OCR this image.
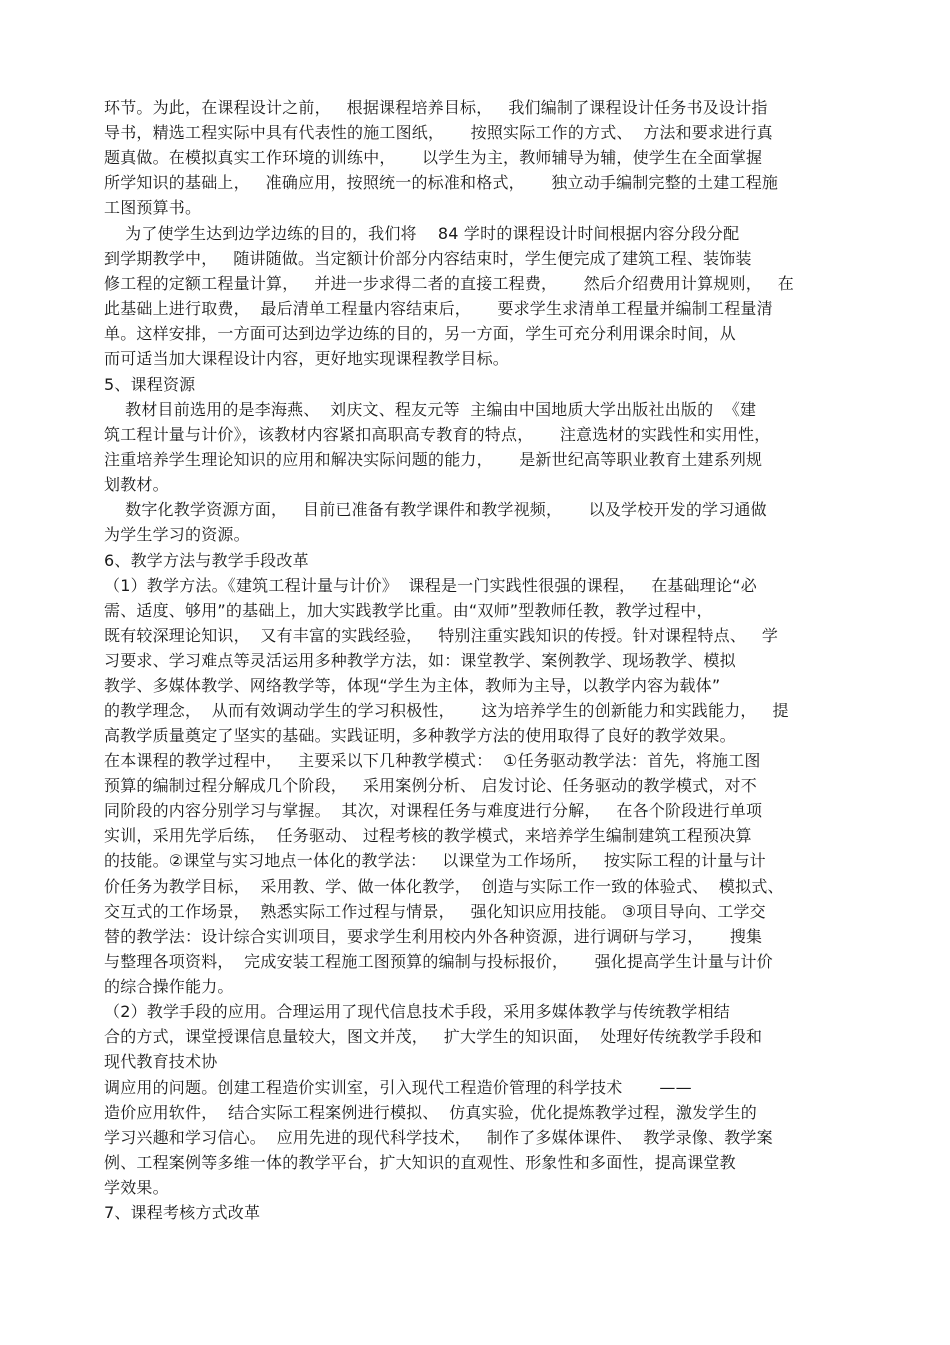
环节。为此，在课程设计之前，   根据课程培养目标，   我们编制了课程设计任务书及设计指
导书，精选工程实际中具有代表性的施工图纸，     按照实际工作的方式、  方法和要求进行真
题真做。在模拟真实工作环境的训练中，     以学生为主，教师辅导为辅，使学生在全面掌握
所学知识的基础上，   准确应用，按照统一的标准和格式，     独立动手编制完整的土建工程施
工图预算书。
为了使学生达到边学边练的目的，我们将    84 学时的课程设计时间根据内容分段分配
到学期教学中，   随讲随做。当定额计价部分内容结束时，学生便完成了建筑工程、装饰装
修工程的定额工程量计算，   并进一步求得二者的直接工程费，     然后介绍费用计算规则，   在
此基础上进行取费，  最后清单工程量内容结束后，     要求学生求清单工程量并编制工程量清
单。这样安排，一方面可达到边学边练的目的，另一方面，学生可充分利用课余时间，从
而可适当加大课程设计内容，更好地实现课程教学目标。
5、课程资源
教材目前选用的是李海燕、  刘庆文、程友元等  主编由中国地质大学出版社出版的  《建
筑工程计量与计价》，该教材内容紧扣高职高专教育的特点，     注意选材的实践性和实用性，
注重培养学生理论知识的应用和解决实际问题的能力，     是新世纪高等职业教育土建系列规
划教材。
数字化教学资源方面，   目前已准备有教学课件和教学视频，     以及学校开发的学习通做
为学生学习的资源。
6、教学方法与教学手段改革
（1）教学方法。《建筑工程计量与计价》  课程是一门实践性很强的课程，   在基础理论“必
需、适度、够用”的基础上，加大实践教学比重。由“双师”型教师任教，教学过程中，
既有较深理论知识，  又有丰富的实践经验，   特别注重实践知识的传授。针对课程特点、   学
习要求、学习难点等灵活运用多种教学方法，如：课堂教学、案例教学、现场教学、模拟
教学、多媒体教学、网络教学等，体现“学生为主体，教师为主导，以教学内容为载体”
的教学理念，  从而有效调动学生的学习积极性，     这为培养学生的创新能力和实践能力，   提
高教学质量奠定了坚实的基础。实践证明，多种教学方法的使用取得了良好的教学效果。
在本课程的教学过程中，   主要采以下几种教学模式：  ①任务驱动教学法：首先，将施工图
预算的编制过程分解成几个阶段，   采用案例分析、 启发讨论、任务驱动的教学模式，对不
同阶段的内容分别学习与掌握。  其次，对课程任务与难度进行分解，   在各个阶段进行单项
实训，采用先学后练，  任务驱动、 过程考核的教学模式，来培养学生编制建筑工程预决算
的技能。②课堂与实习地点一体化的教学法：   以课堂为工作场所，   按实际工程的计量与计
价任务为教学目标，  采用教、学、做一体化教学，  创造与实际工作一致的体验式、  模拟式、
交互式的工作场景，  熟悉实际工作过程与情景，   强化知识应用技能。 ③项目导向、工学交
替的教学法：设计综合实训项目，要求学生利用校内外各种资源，进行调研与学习，     搜集
与整理各项资料，  完成安装工程施工图预算的编制与投标报价，     强化提高学生计量与计价
的综合操作能力。
（2）教学手段的应用。合理运用了现代信息技术手段，采用多媒体教学与传统教学相结
合的方式，课堂授课信息量较大，图文并茂，   扩大学生的知识面，  处理好传统教学手段和
现代教育技术协
调应用的问题。创建工程造价实训室，引入现代工程造价管理的科学技术       ——
造价应用软件，  结合实际工程案例进行模拟、  仿真实验，优化提炼教学过程，激发学生的
学习兴趣和学习信心。  应用先进的现代科学技术，   制作了多媒体课件、  教学录像、教学案
例、工程案例等多维一体的教学平台，扩大知识的直观性、形象性和多面性，提高课堂教
学效果。
7、课程考核方式改革
